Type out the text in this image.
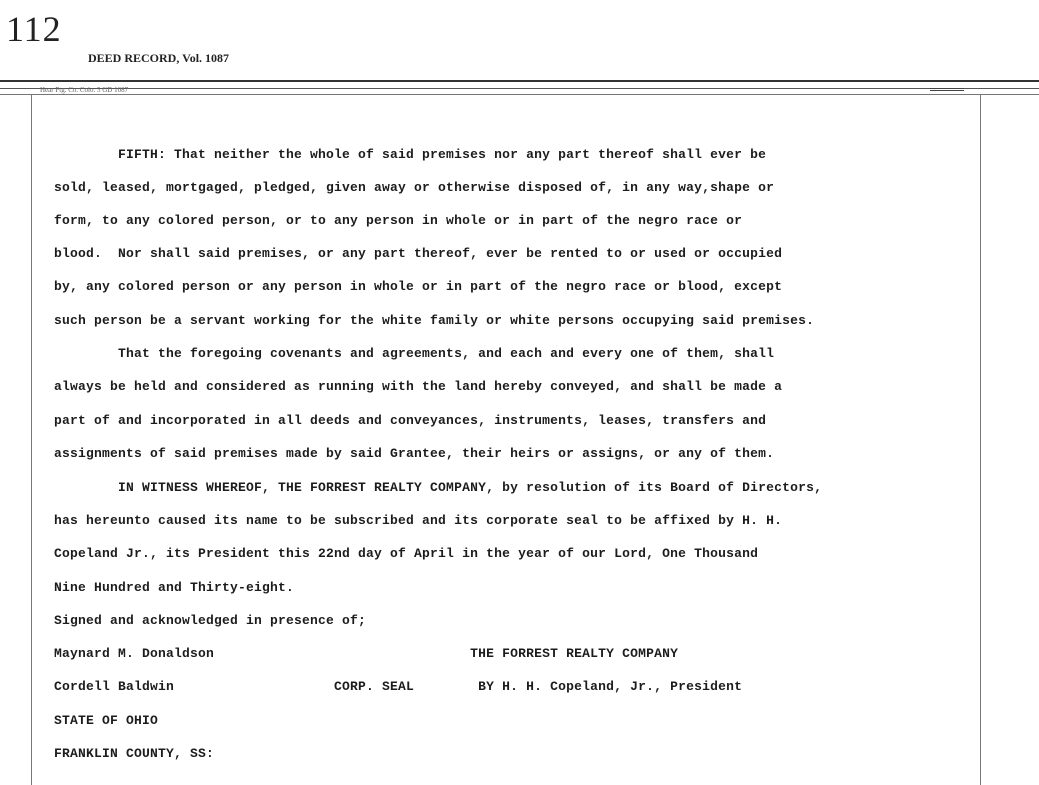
112
DEED RECORD, Vol. 1087
Hear Ptg. Co. Colo. 5 GD 1087
FIFTH: That neither the whole of said premises nor any part thereof shall ever be
sold, leased, mortgaged, pledged, given away or otherwise disposed of, in any way,shape or
form, to any colored person, or to any person in whole or in part of the negro race or
blood.  Nor shall said premises, or any part thereof, ever be rented to or used or occupied
by, any colored person or any person in whole or in part of the negro race or blood, except
such person be a servant working for the white family or white persons occupying said premises.
That the foregoing covenants and agreements, and each and every one of them, shall
always be held and considered as running with the land hereby conveyed, and shall be made a
part of and incorporated in all deeds and conveyances, instruments, leases, transfers and
assignments of said premises made by said Grantee, their heirs or assigns, or any of them.
IN WITNESS WHEREOF, THE FORREST REALTY COMPANY, by resolution of its Board of Directors,
has hereunto caused its name to be subscribed and its corporate seal to be affixed by H. H.
Copeland Jr., its President this 22nd day of April in the year of our Lord, One Thousand
Nine Hundred and Thirty-eight.
Signed and acknowledged in presence of;
Maynard M. Donaldson                                THE FORREST REALTY COMPANY
Cordell Baldwin                    CORP. SEAL        BY H. H. Copeland, Jr., President
STATE OF OHIO
FRANKLIN COUNTY, SS:
